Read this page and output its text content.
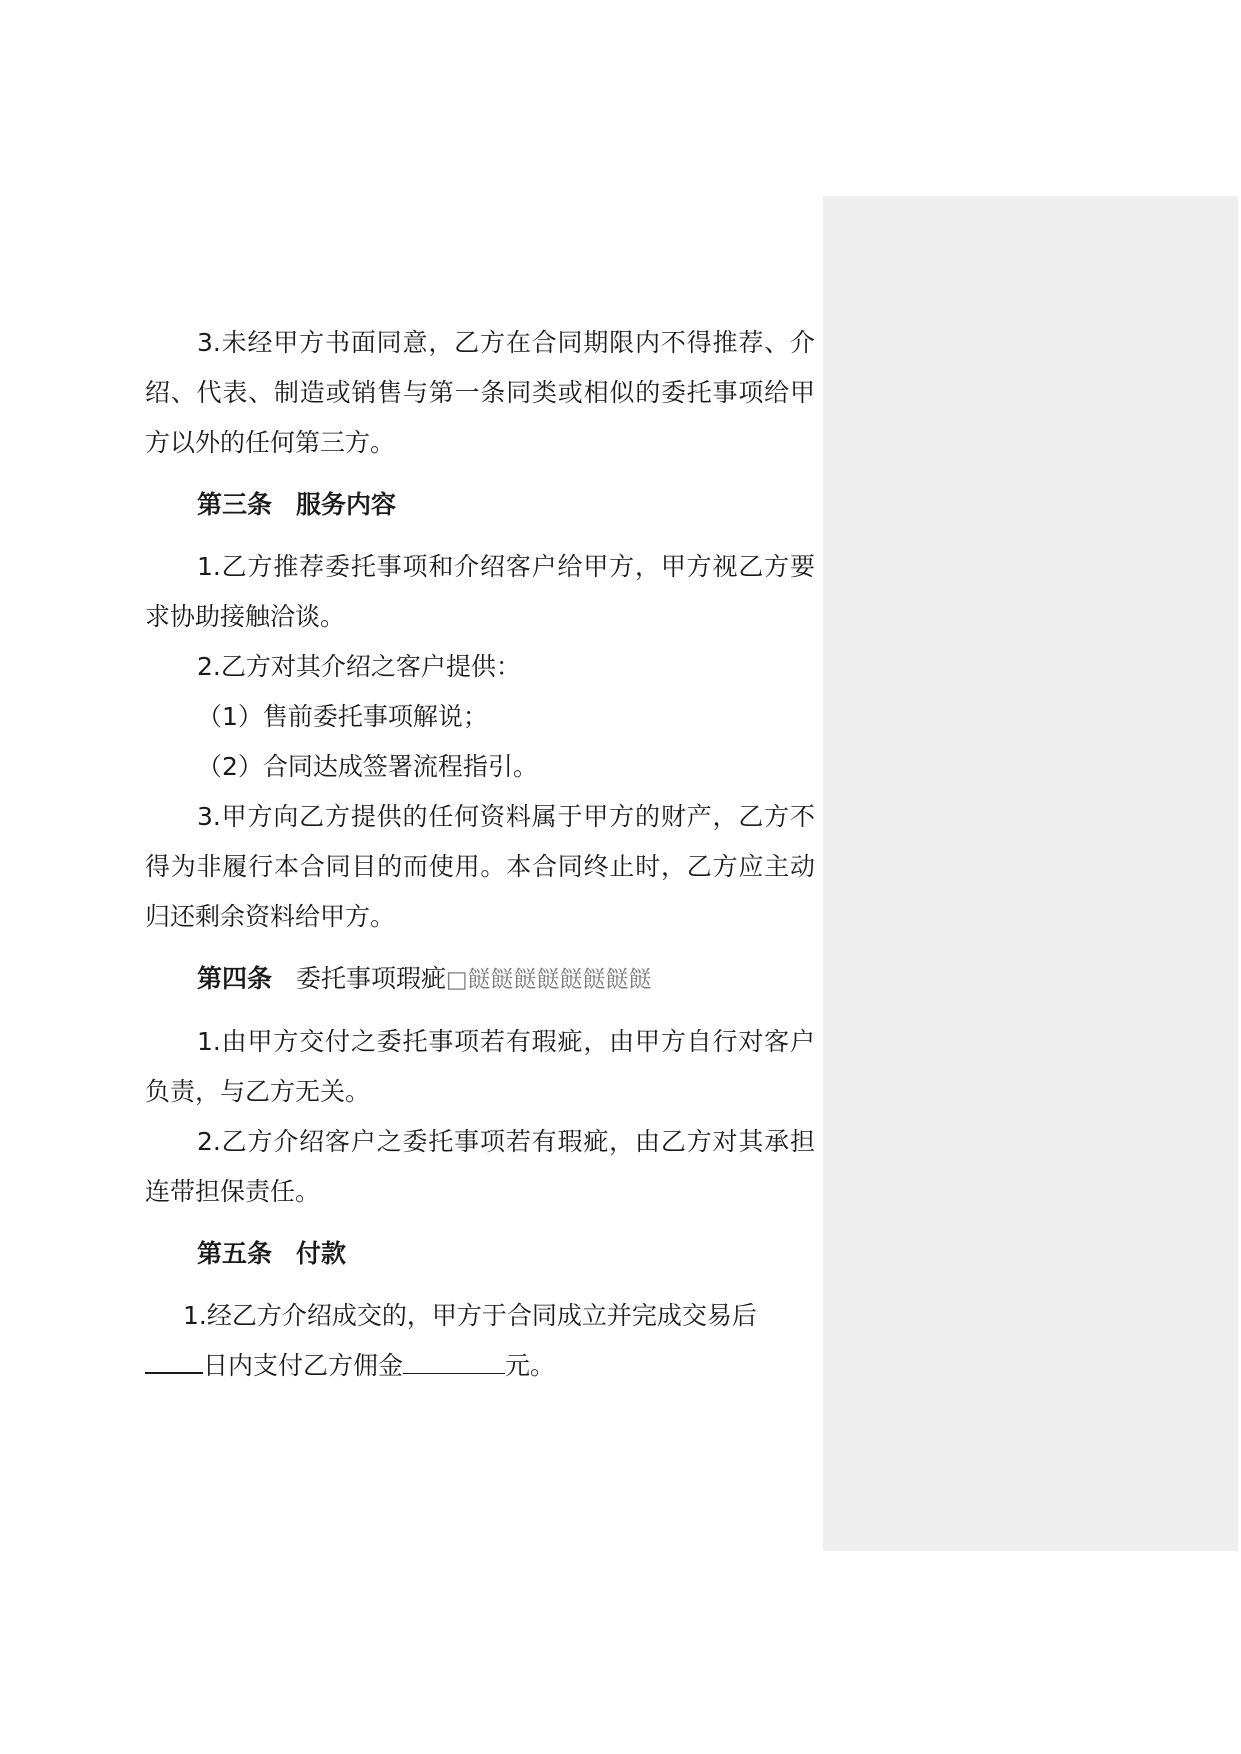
3.未经甲方书面同意，乙方在合同期限内不得推荐、介绍、代表、制造或销售与第一条同类或相似的委托事项给甲方以外的任何第三方。

第三条 服务内容

1.乙方推荐委托事项和介绍客户给甲方，甲方视乙方要求协助接触洽谈。

2.乙方对其介绍之客户提供：

（1）售前委托事项解说；

（2）合同达成签署流程指引。

3.甲方向乙方提供的任何资料属于甲方的财产，乙方不得为非履行本合同目的而使用。本合同终止时，乙方应主动归还剩余资料给甲方。

第四条 委托事项瑕疵□餸餸餸餸餸餸餸餸

1.由甲方交付之委托事项若有瑕疵，由甲方自行对客户负责，与乙方无关。

2.乙方介绍客户之委托事项若有瑕疵，由乙方对其承担连带担保责任。

第五条 付款

1.经乙方介绍成交的，甲方于合同成立并完成交易后
日内支付乙方佣金	元。
